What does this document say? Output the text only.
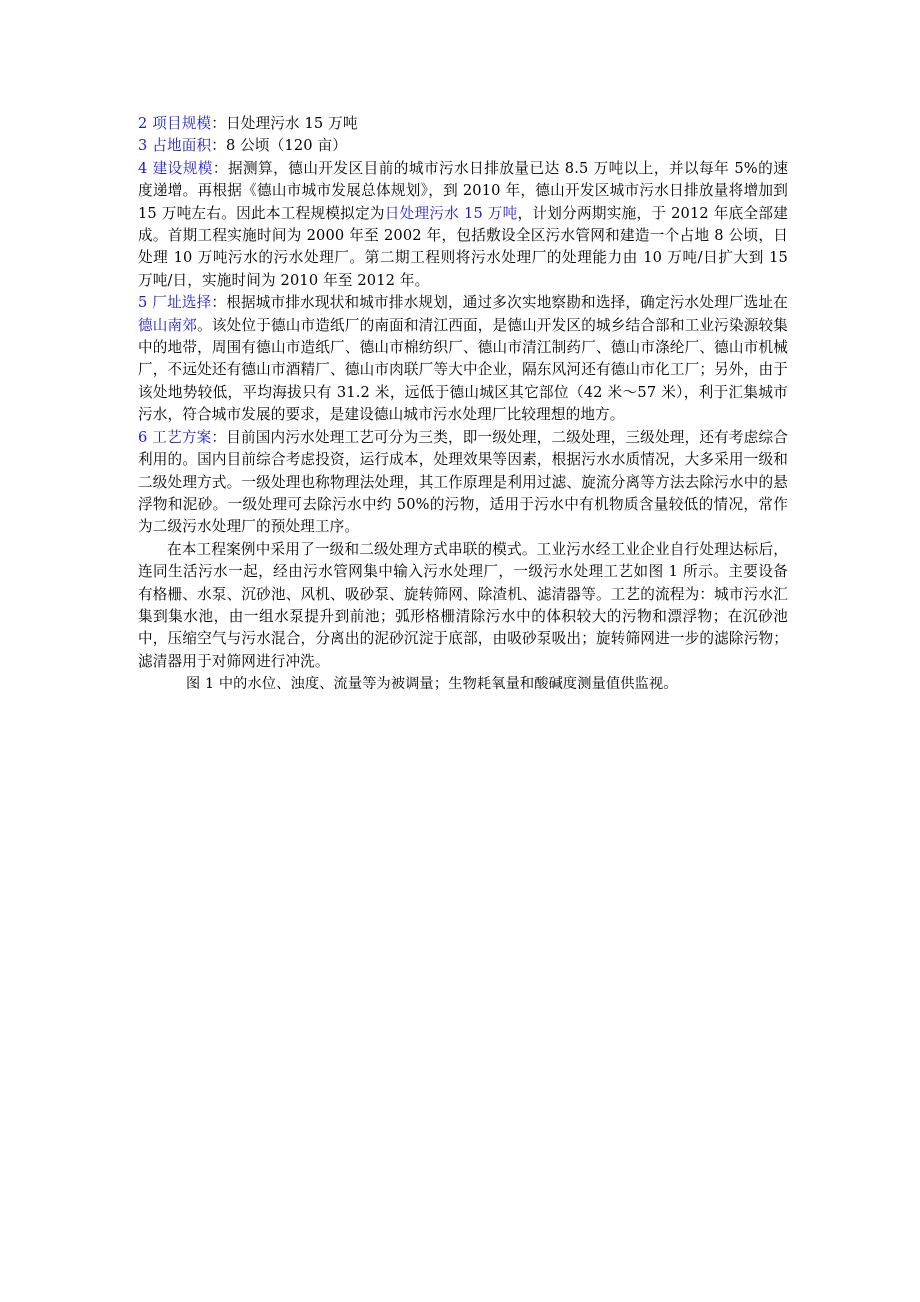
2 项目规模：日处理污水 15 万吨

3 占地面积：8 公顷（120 亩）

4 建设规模：据测算，德山开发区目前的城市污水日排放量已达 8.5 万吨以上，并以每年 5%的速度递增。再根据《德山市城市发展总体规划》，到 2010 年，德山开发区城市污水日排放量将增加到 15 万吨左右。因此本工程规模拟定为日处理污水 15 万吨，计划分两期实施，于 2012 年底全部建成。首期工程实施时间为 2000 年至 2002 年，包括敷设全区污水管网和建造一个占地 8 公顷，日处理 10 万吨污水的污水处理厂。第二期工程则将污水处理厂的处理能力由 10 万吨/日扩大到 15 万吨/日，实施时间为 2010 年至 2012 年。

5 厂址选择：根据城市排水现状和城市排水规划，通过多次实地察勘和选择，确定污水处理厂选址在德山南郊。该处位于德山市造纸厂的南面和清江西面，是德山开发区的城乡结合部和工业污染源较集中的地带，周围有德山市造纸厂、德山市棉纺织厂、德山市清江制药厂、德山市涤纶厂、德山市机械厂，不远处还有德山市酒精厂、德山市肉联厂等大中企业，隔东风河还有德山市化工厂；另外，由于该处地势较低，平均海拔只有 31.2 米，远低于德山城区其它部位（42 米～57 米），利于汇集城市污水，符合城市发展的要求，是建设德山城市污水处理厂比较理想的地方。

6 工艺方案：目前国内污水处理工艺可分为三类，即一级处理，二级处理，三级处理，还有考虑综合利用的。国内目前综合考虑投资，运行成本，处理效果等因素，根据污水水质情况，大多采用一级和二级处理方式。一级处理也称物理法处理，其工作原理是利用过滤、旋流分离等方法去除污水中的悬浮物和泥砂。一级处理可去除污水中约 50%的污物，适用于污水中有机物质含量较低的情况，常作为二级污水处理厂的预处理工序。

在本工程案例中采用了一级和二级处理方式串联的模式。工业污水经工业企业自行处理达标后，连同生活污水一起，经由污水管网集中输入污水处理厂，一级污水处理工艺如图 1 所示。主要设备有格栅、水泵、沉砂池、风机、吸砂泵、旋转筛网、除渣机、滤清器等。工艺的流程为：城市污水汇集到集水池，由一组水泵提升到前池；弧形格栅清除污水中的体积较大的污物和漂浮物；在沉砂池中，压缩空气与污水混合，分离出的泥砂沉淀于底部，由吸砂泵吸出；旋转筛网进一步的滤除污物；滤清器用于对筛网进行冲洗。

图 1 中的水位、浊度、流量等为被调量；生物耗氧量和酸碱度测量值供监视。
